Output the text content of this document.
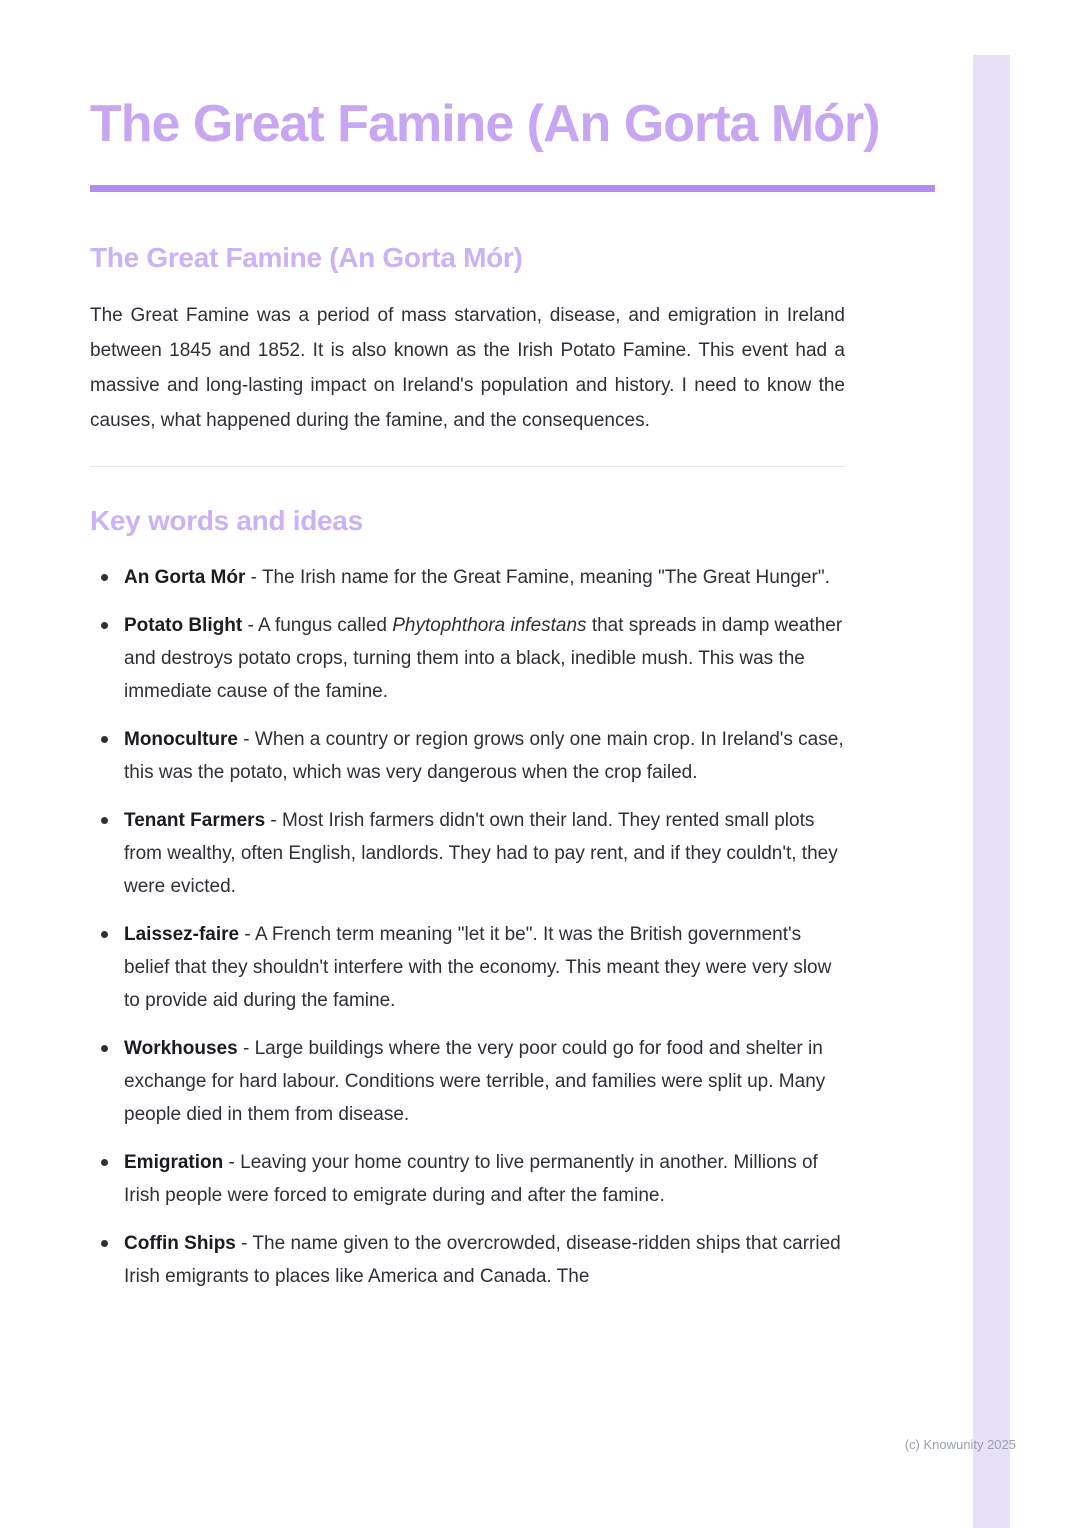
The Great Famine (An Gorta Mór)
The Great Famine (An Gorta Mór)

The Great Famine was a period of mass starvation, disease, and emigration in Ireland between 1845 and 1852. It is also known as the Irish Potato Famine. This event had a massive and long-lasting impact on Ireland's population and history. I need to know the causes, what happened during the famine, and the consequences.

Key words and ideas
An Gorta Mór - The Irish name for the Great Famine, meaning "The Great Hunger".
Potato Blight - A fungus called Phytophthora infestans that spreads in damp weather and destroys potato crops, turning them into a black, inedible mush. This was the immediate cause of the famine.
Monoculture - When a country or region grows only one main crop. In Ireland's case, this was the potato, which was very dangerous when the crop failed.
Tenant Farmers - Most Irish farmers didn't own their land. They rented small plots from wealthy, often English, landlords. They had to pay rent, and if they couldn't, they were evicted.
Laissez-faire - A French term meaning "let it be". It was the British government's belief that they shouldn't interfere with the economy. This meant they were very slow to provide aid during the famine.
Workhouses - Large buildings where the very poor could go for food and shelter in exchange for hard labour. Conditions were terrible, and families were split up. Many people died in them from disease.
Emigration - Leaving your home country to live permanently in another. Millions of Irish people were forced to emigrate during and after the famine.
Coffin Ships - The name given to the overcrowded, disease-ridden ships that carried Irish emigrants to places like America and Canada. The
(c) Knowunity 2025
